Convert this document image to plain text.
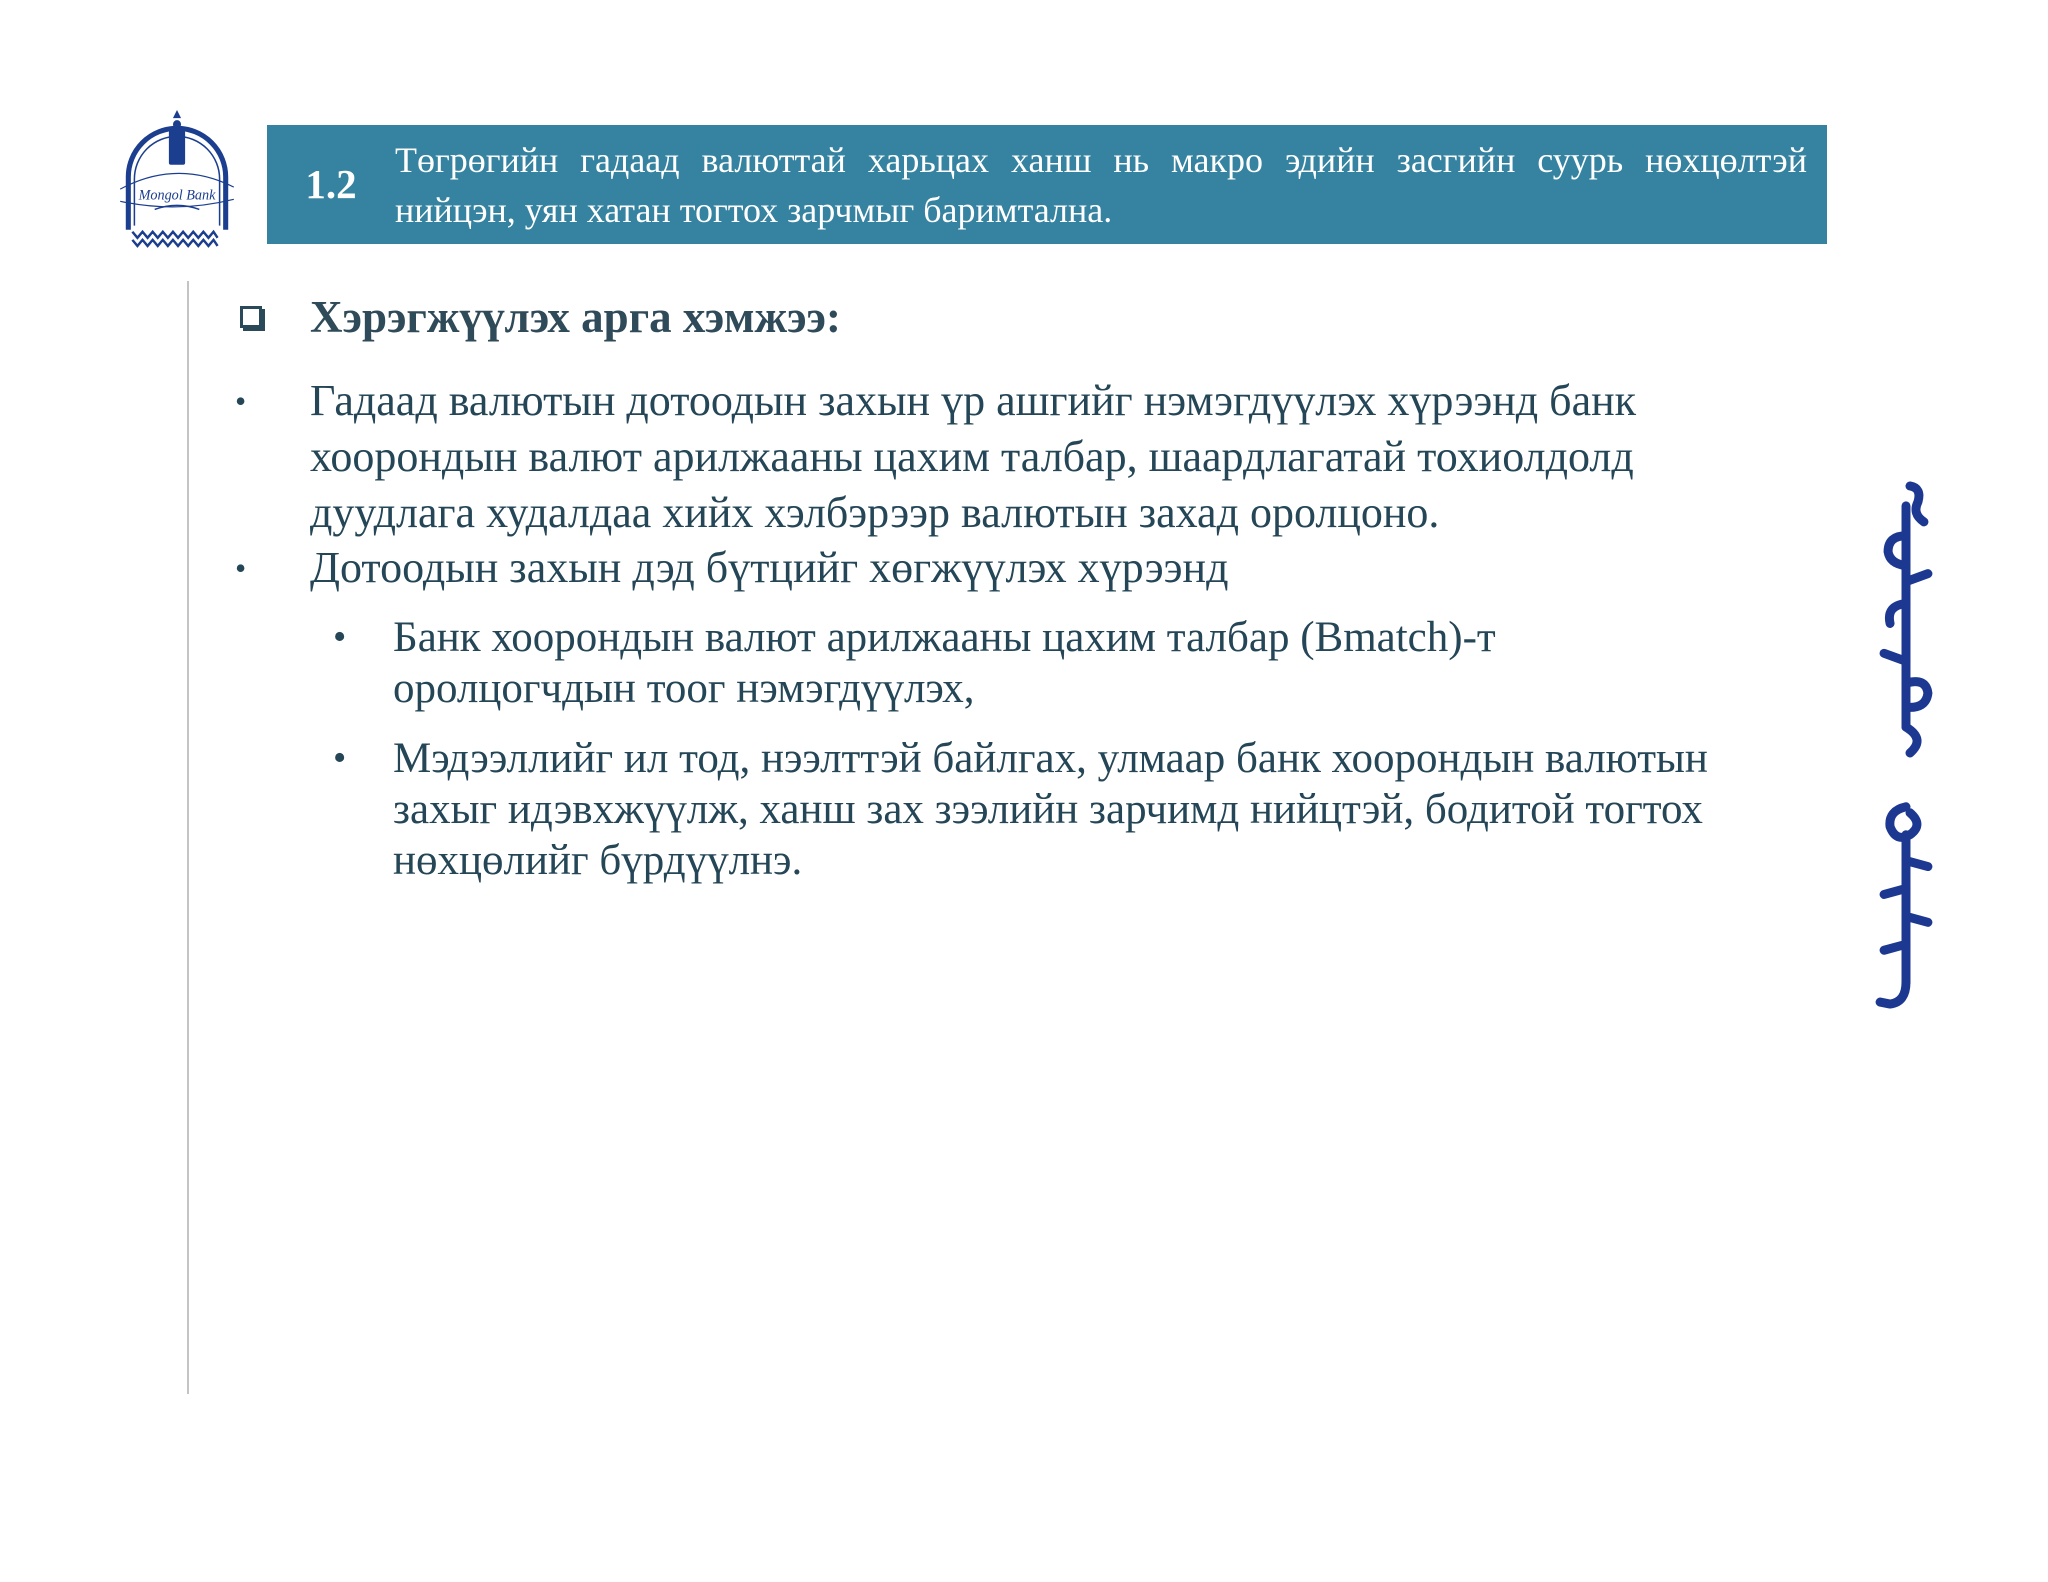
Mongol Bank	1.2
Төгрөгийн гадаад валюттай харьцах ханш нь макро эдийн засгийн суурь нөхцөлтэй нийцэн, уян хатан тогтох зарчмыг баримтална.
Хэрэгжүүлэх арга хэмжээ:
• Гадаад валютын дотоодын захын үр ашгийг нэмэгдүүлэх хүрээнд банк хоорондын валют арилжааны цахим талбар, шаардлагатай тохиолдолд дуудлага худалдаа хийх хэлбэрээр валютын захад оролцоно.
• Дотоодын захын дэд бүтцийг хөгжүүлэх хүрээнд
• Банк хоорондын валют арилжааны цахим талбар (Bmatch)-т оролцогчдын тоог нэмэгдүүлэх,
• Мэдээллийг ил тод, нээлттэй байлгах, улмаар банк хоорондын валютын захыг идэвхжүүлж, ханш зах зээлийн зарчимд нийцтэй, бодитой тогтох нөхцөлийг бүрдүүлнэ.
